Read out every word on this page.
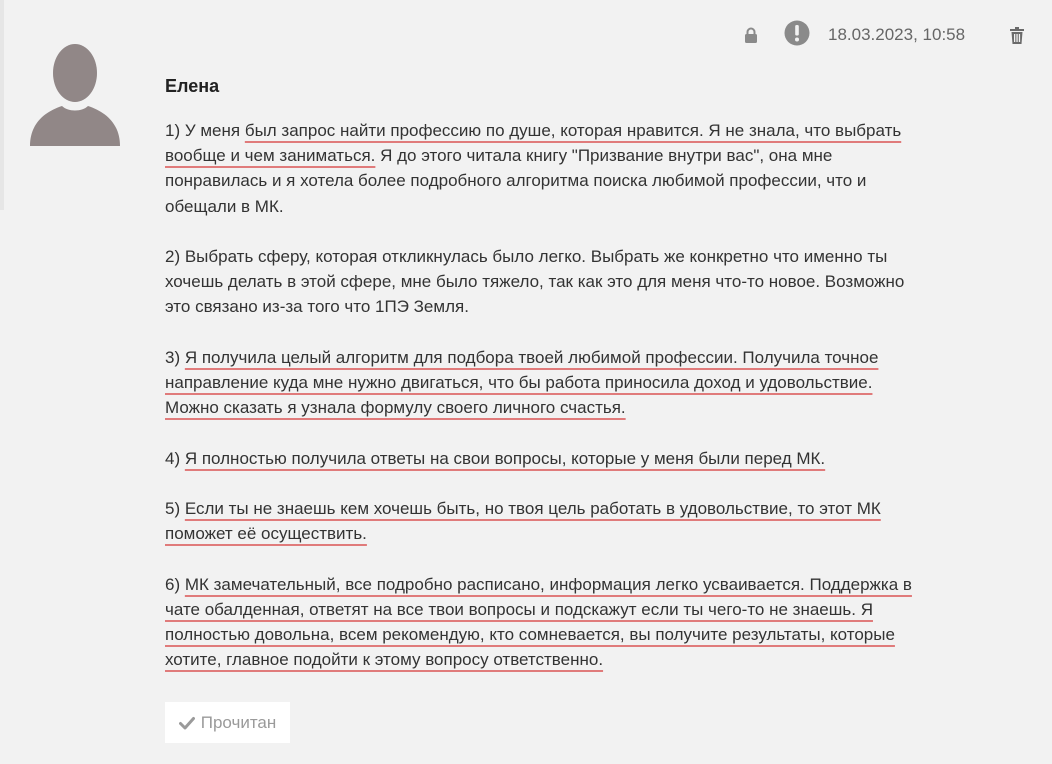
18.03.2023, 10:58
Елена

1) У меня был запрос найти профессию по душе, которая нравится. Я не знала, что выбрать вообще и чем заниматься. Я до этого читала книгу "Призвание внутри вас", она мне понравилась и я хотела более подробного алгоритма поиска любимой профессии, что и обещали в МК.

2) Выбрать сферу, которая откликнулась было легко. Выбрать же конкретно что именно ты хочешь делать в этой сфере, мне было тяжело, так как это для меня что-то новое. Возможно это связано из-за того что 1ПЭ Земля.

3) Я получила целый алгоритм для подбора твоей любимой профессии. Получила точное направление куда мне нужно двигаться, что бы работа приносила доход и удовольствие. Можно сказать я узнала формулу своего личного счастья.

4) Я полностью получила ответы на свои вопросы, которые у меня были перед МК.

5) Если ты не знаешь кем хочешь быть, но твоя цель работать в удовольствие, то этот МК поможет её осуществить.

6) МК замечательный, все подробно расписано, информация легко усваивается. Поддержка в чате обалденная, ответят на все твои вопросы и подскажут если ты чего-то не знаешь. Я полностью довольна, всем рекомендую, кто сомневается, вы получите результаты, которые хотите, главное подойти к этому вопросу ответственно.

Прочитан
